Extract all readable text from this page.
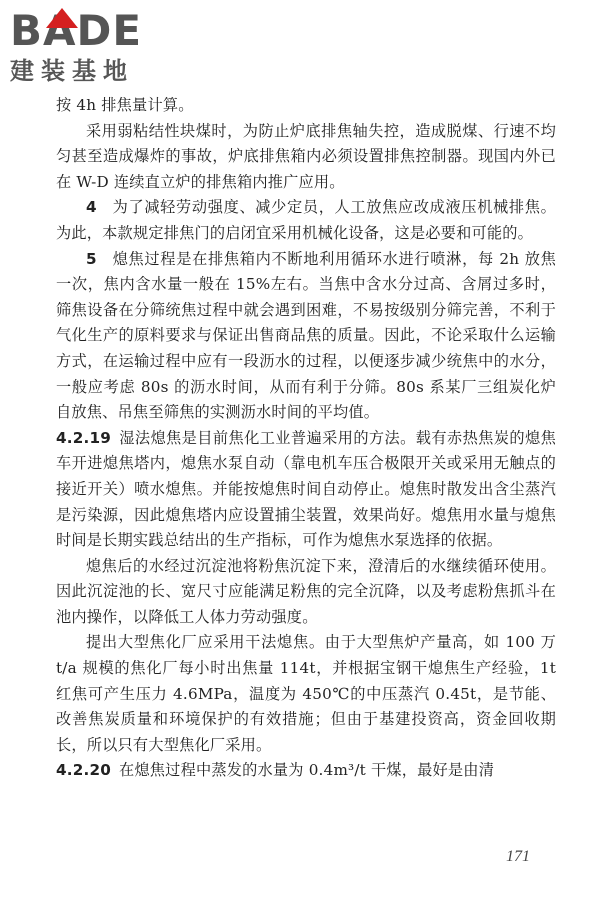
BADE
建装基地

按 4h 排焦量计算。

采用弱粘结性块煤时，为防止炉底排焦轴失控，造成脱煤、行速不均匀甚至造成爆炸的事故，炉底排焦箱内必须设置排焦控制器。现国内外已在 W-D 连续直立炉的排焦箱内推广应用。

4  为了减轻劳动强度、减少定员，人工放焦应改成液压机械排焦。为此，本款规定排焦门的启闭宜采用机械化设备，这是必要和可能的。

5  熄焦过程是在排焦箱内不断地利用循环水进行喷淋，每 2h 放焦一次，焦内含水量一般在 15%左右。当焦中含水分过高、含屑过多时，筛焦设备在分筛统焦过程中就会遇到困难，不易按级别分筛完善，不利于气化生产的原料要求与保证出售商品焦的质量。因此，不论采取什么运输方式，在运输过程中应有一段沥水的过程，以便逐步减少统焦中的水分，一般应考虑 80s 的沥水时间，从而有利于分筛。80s 系某厂三组炭化炉自放焦、吊焦至筛焦的实测沥水时间的平均值。

4.2.19 湿法熄焦是目前焦化工业普遍采用的方法。载有赤热焦炭的熄焦车开进熄焦塔内，熄焦水泵自动（靠电机车压合极限开关或采用无触点的接近开关）喷水熄焦。并能按熄焦时间自动停止。熄焦时散发出含尘蒸汽是污染源，因此熄焦塔内应设置捕尘装置，效果尚好。熄焦用水量与熄焦时间是长期实践总结出的生产指标，可作为熄焦水泵选择的依据。

熄焦后的水经过沉淀池将粉焦沉淀下来，澄清后的水继续循环使用。因此沉淀池的长、宽尺寸应能满足粉焦的完全沉降，以及考虑粉焦抓斗在池内操作，以降低工人体力劳动强度。

提出大型焦化厂应采用干法熄焦。由于大型焦炉产量高，如 100 万 t/a 规模的焦化厂每小时出焦量 114t，并根据宝钢干熄焦生产经验，1t 红焦可产生压力 4.6MPa，温度为 450℃的中压蒸汽 0.45t，是节能、改善焦炭质量和环境保护的有效措施；但由于基建投资高，资金回收期长，所以只有大型焦化厂采用。

4.2.20 在熄焦过程中蒸发的水量为 0.4m³/t 干煤，最好是由清

171
